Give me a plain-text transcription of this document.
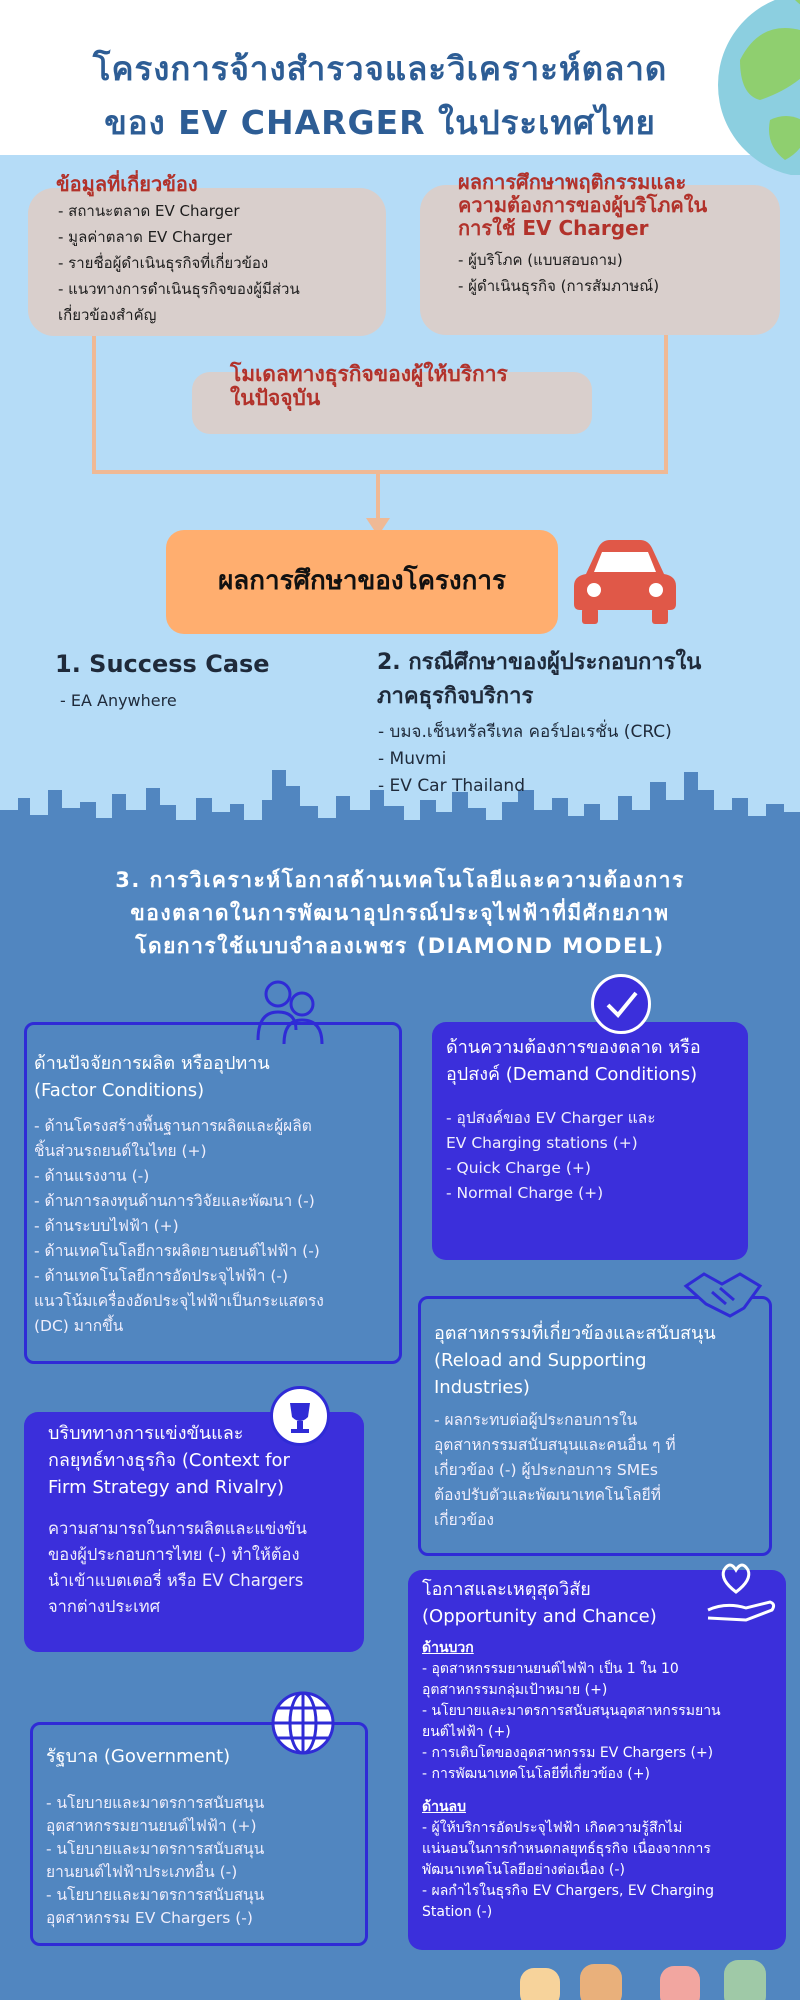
โครงการจ้างสำรวจและวิเคราะห์ตลาด
ของ EV CHARGER ในประเทศไทย
ข้อมูลที่เกี่ยวข้อง
- สถานะตลาด EV Charger
- มูลค่าตลาด EV Charger
- รายชื่อผู้ดำเนินธุรกิจที่เกี่ยวข้อง
- แนวทางการดำเนินธุรกิจของผู้มีส่วน
เกี่ยวข้องสำคัญ
ผลการศึกษาพฤติกรรมและ
ความต้องการของผู้บริโภคใน
การใช้ EV Charger
- ผู้บริโภค (แบบสอบถาม)
- ผู้ดำเนินธุรกิจ (การสัมภาษณ์)
โมเดลทางธุรกิจของผู้ให้บริการ
ในปัจจุบัน
ผลการศึกษาของโครงการ
1. Success Case
- EA Anywhere
2. กรณีศึกษาของผู้ประกอบการใน
ภาคธุรกิจบริการ
- บมจ.เช็นทรัลรีเทล คอร์ปอเรชั่น (CRC)
- Muvmi
- EV Car Thailand
3. การวิเคราะห์โอกาสด้านเทคโนโลยีและความต้องการ
ของตลาดในการพัฒนาอุปกรณ์ประจุไฟฟ้าที่มีศักยภาพ
โดยการใช้แบบจำลองเพชร (DIAMOND MODEL)
ด้านปัจจัยการผลิต หรืออุปทาน
(Factor Conditions)
- ด้านโครงสร้างพื้นฐานการผลิตและผู้ผลิต
ชิ้นส่วนรถยนต์ในไทย (+)
- ด้านแรงงาน (-)
- ด้านการลงทุนด้านการวิจัยและพัฒนา (-)
- ด้านระบบไฟฟ้า (+)
- ด้านเทคโนโลยีการผลิตยานยนต์ไฟฟ้า (-)
- ด้านเทคโนโลยีการอัดประจุไฟฟ้า (-)
แนวโน้มเครื่องอัดประจุไฟฟ้าเป็นกระแสตรง
(DC) มากขึ้น
ด้านความต้องการของตลาด หรือ
อุปสงค์ (Demand Conditions)
- อุปสงค์ของ EV Charger และ
EV Charging stations (+)
- Quick Charge (+)
- Normal Charge (+)
อุตสาหกรรมที่เกี่ยวข้องและสนับสนุน
(Reload and Supporting
Industries)
- ผลกระทบต่อผู้ประกอบการใน
อุตสาหกรรมสนับสนุนและคนอื่น ๆ ที่
เกี่ยวข้อง (-) ผู้ประกอบการ SMEs
ต้องปรับตัวและพัฒนาเทคโนโลยีที่
เกี่ยวข้อง
บริบททางการแข่งขันและ
กลยุทธ์ทางธุรกิจ (Context for
Firm Strategy and Rivalry)
ความสามารถในการผลิตและแข่งขัน
ของผู้ประกอบการไทย (-) ทำให้ต้อง
นำเข้าแบตเตอรี่ หรือ EV Chargers
จากต่างประเทศ
โอกาสและเหตุสุดวิสัย
(Opportunity and Chance)
ด้านบวก
- อุตสาหกรรมยานยนต์ไฟฟ้า เป็น 1 ใน 10
อุตสาหกรรมกลุ่มเป้าหมาย (+)
- นโยบายและมาตรการสนับสนุนอุตสาหกรรมยาน
ยนต์ไฟฟ้า (+)
- การเติบโตของอุตสาหกรรม EV Chargers (+)
- การพัฒนาเทคโนโลยีที่เกี่ยวข้อง (+)
ด้านลบ
- ผู้ให้บริการอัดประจุไฟฟ้า เกิดความรู้สึกไม่
แน่นอนในการกำหนดกลยุทธ์ธุรกิจ เนื่องจากการ
พัฒนาเทคโนโลยีอย่างต่อเนื่อง (-)
- ผลกำไรในธุรกิจ EV Chargers, EV Charging
Station (-)
รัฐบาล (Government)
- นโยบายและมาตรการสนับสนุน
อุตสาหกรรมยานยนต์ไฟฟ้า (+)
- นโยบายและมาตรการสนับสนุน
ยานยนต์ไฟฟ้าประเภทอื่น (-)
- นโยบายและมาตรการสนับสนุน
อุตสาหกรรม EV Chargers (-)
